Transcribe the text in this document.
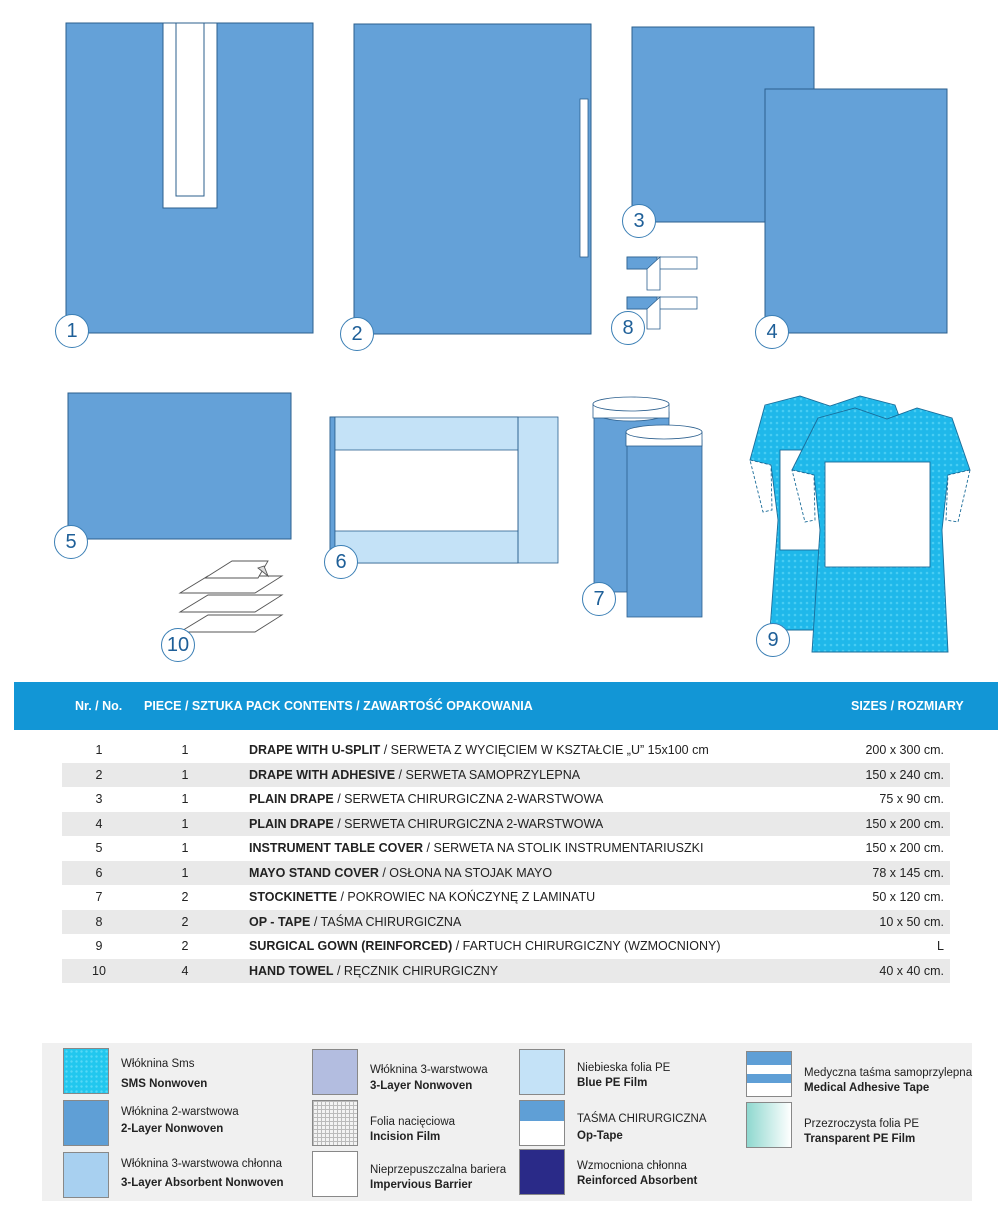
1	2
3
4
5
6
7
8
9
10
Nr. / No. PIECE / SZTUKA PACK CONTENTS / ZAWARTOŚĆ OPAKOWANIA	SIZES / ROZMIARY
1	1	DRAPE WITH U-SPLIT / SERWETA Z WYCIĘCIEM W KSZTAŁCIE „U” 15x100 cm	200 x 300 cm.
2	1	DRAPE WITH ADHESIVE / SERWETA SAMOPRZYLEPNA	150 x 240 cm.
3	1	PLAIN DRAPE / SERWETA CHIRURGICZNA 2-WARSTWOWA	75 x 90 cm.
4	1	PLAIN DRAPE / SERWETA CHIRURGICZNA 2-WARSTWOWA	150 x 200 cm.
5	1	INSTRUMENT TABLE COVER / SERWETA NA STOLIK INSTRUMENTARIUSZKI	150 x 200 cm.
6	1	MAYO STAND COVER / OSŁONA NA STOJAK MAYO	78 x 145 cm.
7	2	STOCKINETTE / POKROWIEC NA KOŃCZYNĘ Z LAMINATU	50 x 120 cm.
8	2	OP - TAPE / TAŚMA CHIRURGICZNA	10 x 50 cm.
9	2	SURGICAL GOWN (REINFORCED) / FARTUCH CHIRURGICZNY (WZMOCNIONY)	L
10	4	HAND TOWEL / RĘCZNIK CHIRURGICZNY	40 x 40 cm.
Włóknina Sms
SMS Nonwoven
Włóknina 2-warstwowa
2-Layer Nonwoven
Włóknina 3-warstwowa chłonna
3-Layer Absorbent Nonwoven
Włóknina 3-warstwowa
3-Layer Nonwoven
Folia nacięciowa
Incision Film
Nieprzepuszczalna bariera
Impervious Barrier
Niebieska folia PE
Blue PE Film
TAŚMA CHIRURGICZNA
Op-Tape
Wzmocniona chłonna
Reinforced Absorbent
Medyczna taśma samoprzylepna
Medical Adhesive Tape
Przezroczysta folia PE
Transparent PE Film
